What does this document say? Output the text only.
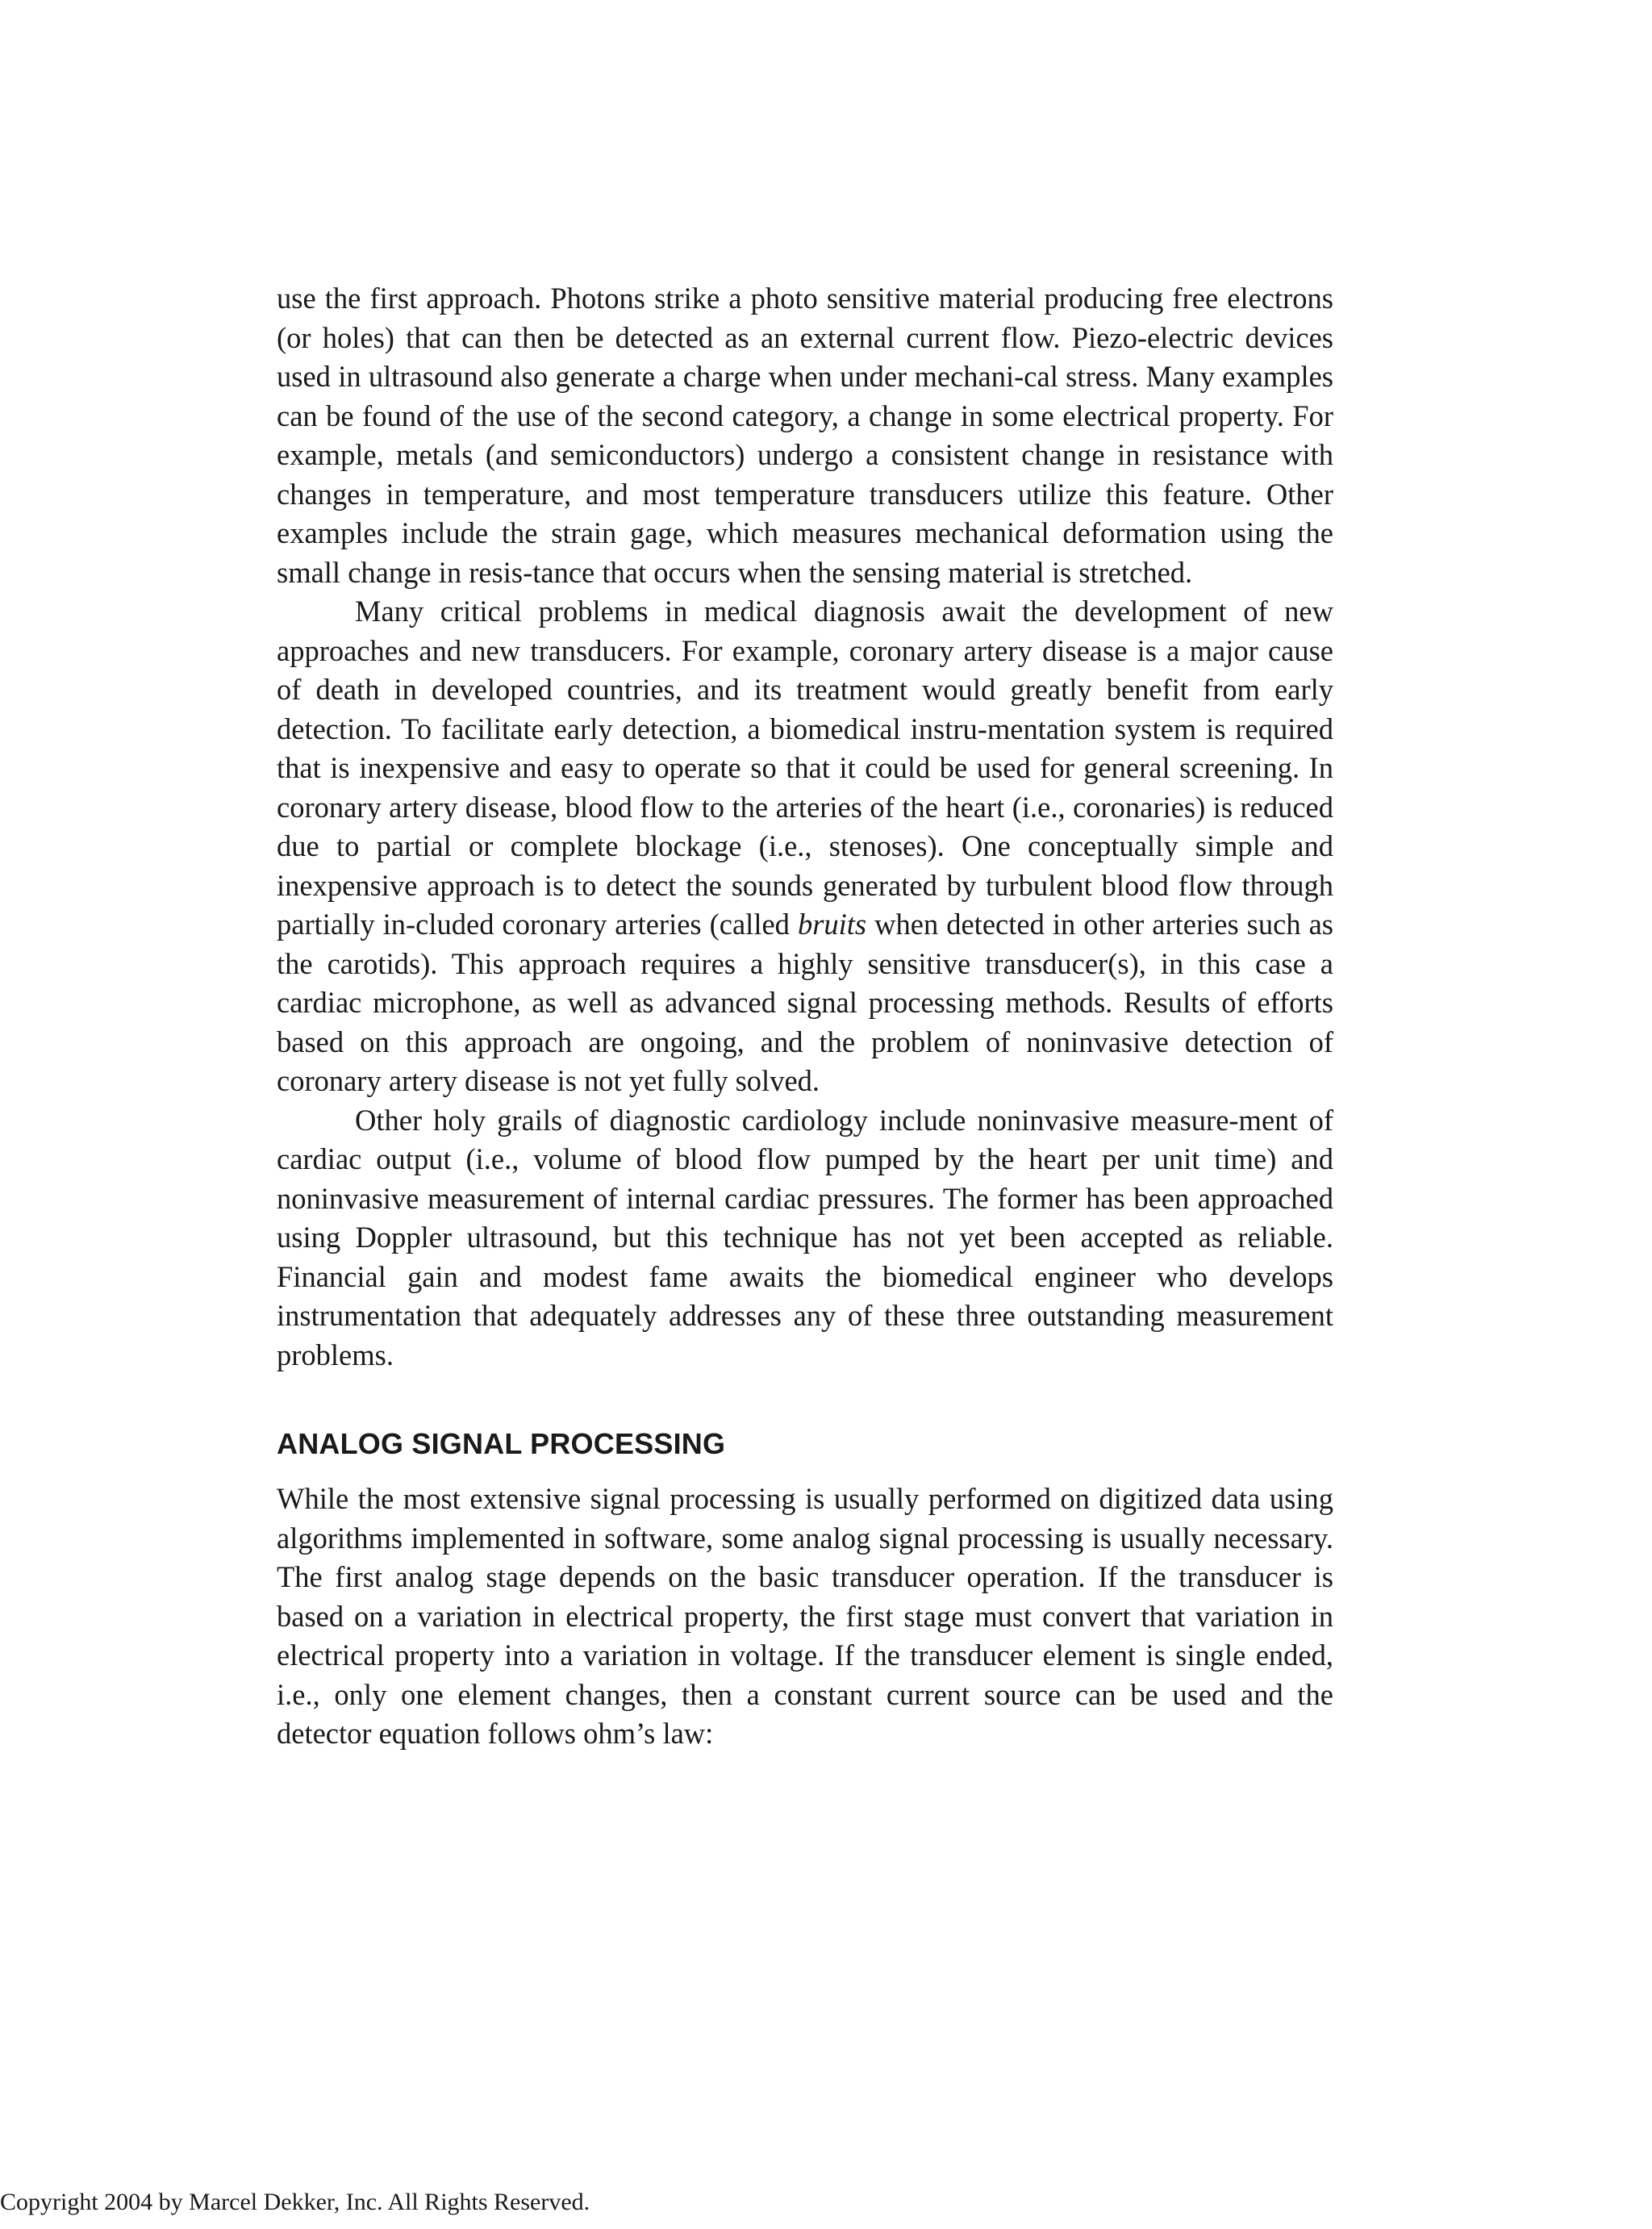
use the first approach. Photons strike a photo sensitive material producing free electrons (or holes) that can then be detected as an external current flow. Piezo-electric devices used in ultrasound also generate a charge when under mechani-cal stress. Many examples can be found of the use of the second category, a change in some electrical property. For example, metals (and semiconductors) undergo a consistent change in resistance with changes in temperature, and most temperature transducers utilize this feature. Other examples include the strain gage, which measures mechanical deformation using the small change in resis-tance that occurs when the sensing material is stretched.

Many critical problems in medical diagnosis await the development of new approaches and new transducers. For example, coronary artery disease is a major cause of death in developed countries, and its treatment would greatly benefit from early detection. To facilitate early detection, a biomedical instru-mentation system is required that is inexpensive and easy to operate so that it could be used for general screening. In coronary artery disease, blood flow to the arteries of the heart (i.e., coronaries) is reduced due to partial or complete blockage (i.e., stenoses). One conceptually simple and inexpensive approach is to detect the sounds generated by turbulent blood flow through partially in-cluded coronary arteries (called bruits when detected in other arteries such as the carotids). This approach requires a highly sensitive transducer(s), in this case a cardiac microphone, as well as advanced signal processing methods. Results of efforts based on this approach are ongoing, and the problem of noninvasive detection of coronary artery disease is not yet fully solved.

Other holy grails of diagnostic cardiology include noninvasive measure-ment of cardiac output (i.e., volume of blood flow pumped by the heart per unit time) and noninvasive measurement of internal cardiac pressures. The former has been approached using Doppler ultrasound, but this technique has not yet been accepted as reliable. Financial gain and modest fame awaits the biomedical engineer who develops instrumentation that adequately addresses any of these three outstanding measurement problems.

ANALOG SIGNAL PROCESSING

While the most extensive signal processing is usually performed on digitized data using algorithms implemented in software, some analog signal processing is usually necessary. The first analog stage depends on the basic transducer operation. If the transducer is based on a variation in electrical property, the first stage must convert that variation in electrical property into a variation in voltage. If the transducer element is single ended, i.e., only one element changes, then a constant current source can be used and the detector equation follows ohm’s law:

Copyright 2004 by Marcel Dekker, Inc. All Rights Reserved.
